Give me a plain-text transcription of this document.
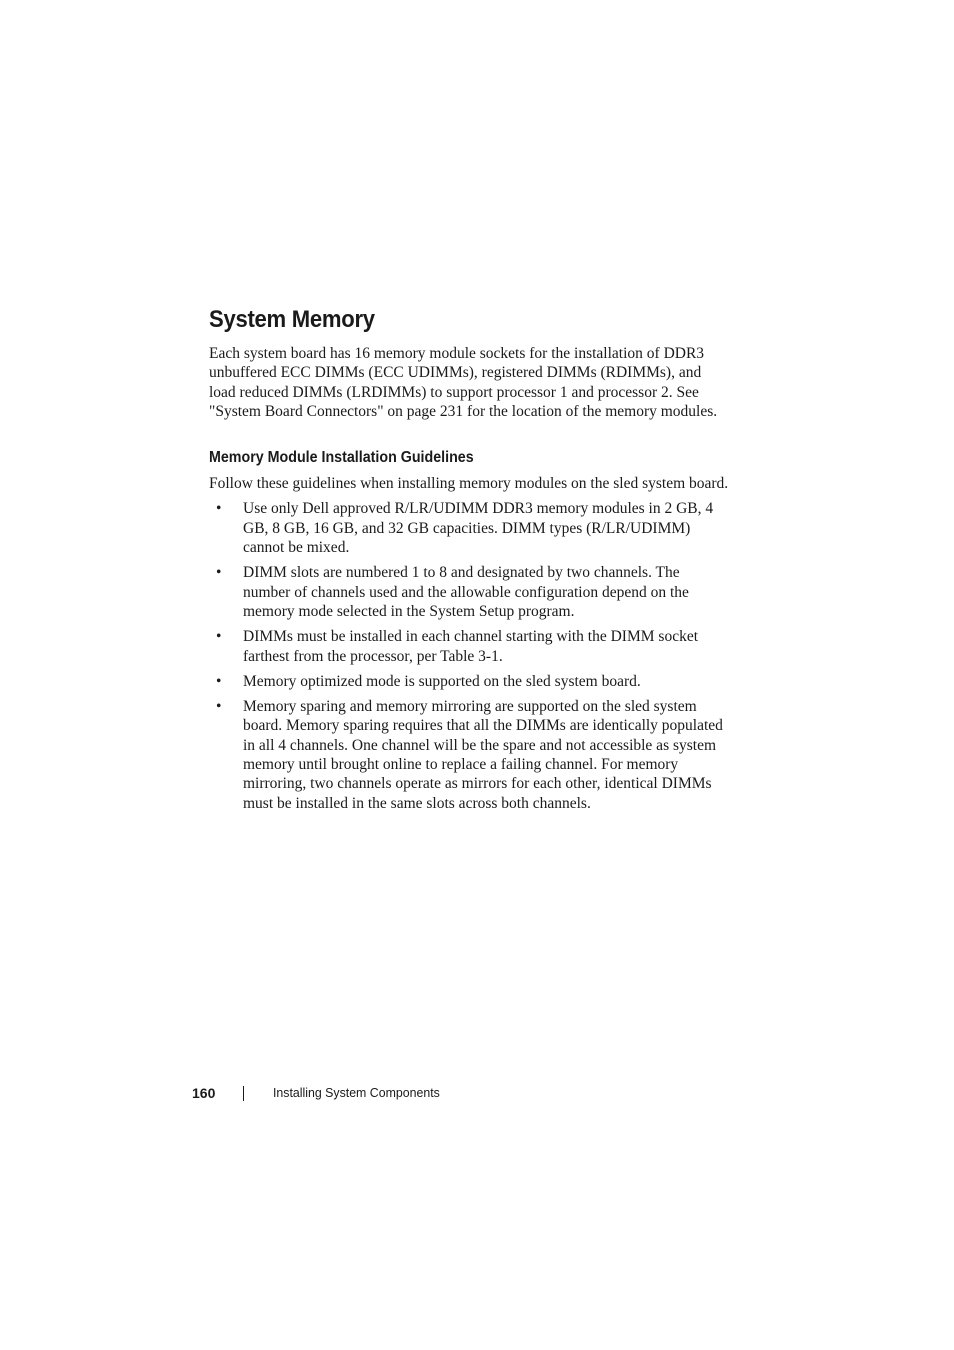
System Memory

Each system board has 16 memory module sockets for the installation of DDR3 unbuffered ECC DIMMs (ECC UDIMMs), registered DIMMs (RDIMMs), and load reduced DIMMs (LRDIMMs) to support processor 1 and processor 2. See "System Board Connectors" on page 231 for the location of the memory modules.

Memory Module Installation Guidelines

Follow these guidelines when installing memory modules on the sled system board.

• Use only Dell approved R/LR/UDIMM DDR3 memory modules in 2 GB, 4 GB, 8 GB, 16 GB, and 32 GB capacities. DIMM types (R/LR/UDIMM) cannot be mixed.
• DIMM slots are numbered 1 to 8 and designated by two channels. The number of channels used and the allowable configuration depend on the memory mode selected in the System Setup program.
• DIMMs must be installed in each channel starting with the DIMM socket farthest from the processor, per Table 3-1.
• Memory optimized mode is supported on the sled system board.
• Memory sparing and memory mirroring are supported on the sled system board. Memory sparing requires that all the DIMMs are identically populated in all 4 channels. One channel will be the spare and not accessible as system memory until brought online to replace a failing channel. For memory mirroring, two channels operate as mirrors for each other, identical DIMMs must be installed in the same slots across both channels.
160	Installing System Components
